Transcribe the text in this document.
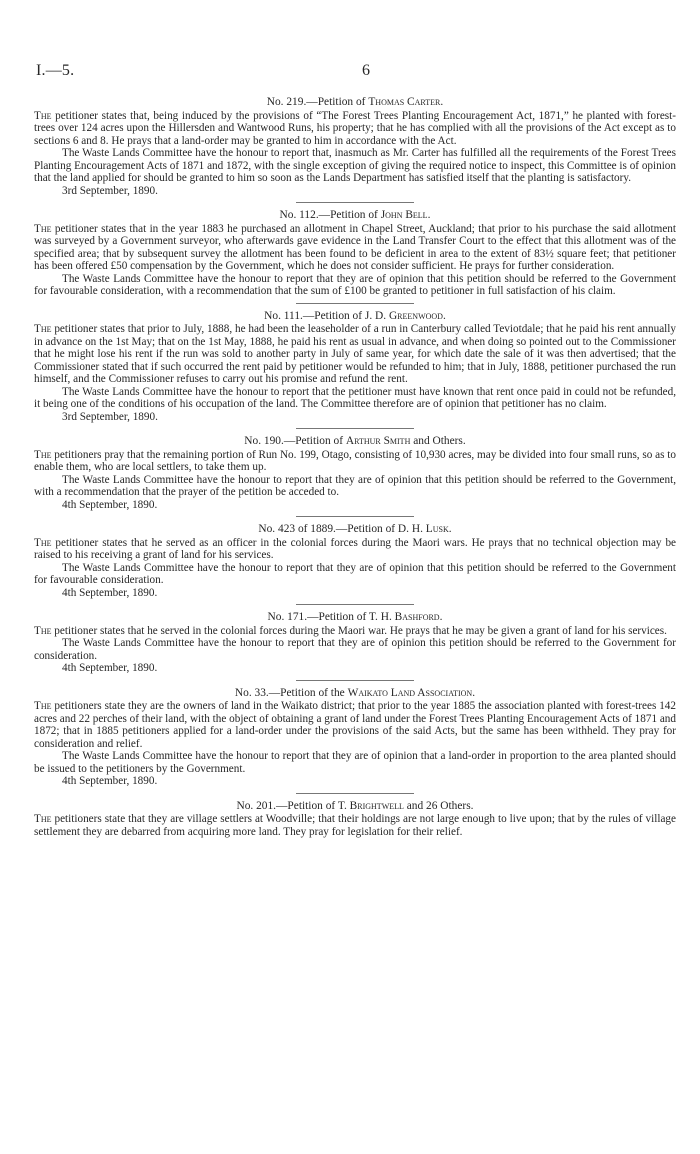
I.—5.	6

No. 219.—Petition of Thomas Carter.

The petitioner states that, being induced by the provisions of “The Forest Trees Planting Encouragement Act, 1871,” he planted with forest-trees over 124 acres upon the Hillersden and Wantwood Runs, his property; that he has complied with all the provisions of the Act except as to sections 6 and 8. He prays that a land-order may be granted to him in accordance with the Act.

The Waste Lands Committee have the honour to report that, inasmuch as Mr. Carter has fulfilled all the requirements of the Forest Trees Planting Encouragement Acts of 1871 and 1872, with the single exception of giving the required notice to inspect, this Committee is of opinion that the land applied for should be granted to him so soon as the Lands Department has satisfied itself that the planting is satisfactory.

3rd September, 1890.

No. 112.—Petition of John Bell.

The petitioner states that in the year 1883 he purchased an allotment in Chapel Street, Auckland; that prior to his purchase the said allotment was surveyed by a Government surveyor, who afterwards gave evidence in the Land Transfer Court to the effect that this allotment was of the specified area; that by subsequent survey the allotment has been found to be deficient in area to the extent of 83½ square feet; that petitioner has been offered £50 compensation by the Government, which he does not consider sufficient. He prays for further consideration.

The Waste Lands Committee have the honour to report that they are of opinion that this petition should be referred to the Government for favourable consideration, with a recommendation that the sum of £100 be granted to petitioner in full satisfaction of his claim.

No. 111.—Petition of J. D. Greenwood.

The petitioner states that prior to July, 1888, he had been the leaseholder of a run in Canterbury called Teviotdale; that he paid his rent annually in advance on the 1st May; that on the 1st May, 1888, he paid his rent as usual in advance, and when doing so pointed out to the Commissioner that he might lose his rent if the run was sold to another party in July of same year, for which date the sale of it was then advertised; that the Commissioner stated that if such occurred the rent paid by petitioner would be refunded to him; that in July, 1888, petitioner purchased the run himself, and the Commissioner refuses to carry out his promise and refund the rent.

The Waste Lands Committee have the honour to report that the petitioner must have known that rent once paid in could not be refunded, it being one of the conditions of his occupation of the land. The Committee therefore are of opinion that petitioner has no claim.

3rd September, 1890.

No. 190.—Petition of Arthur Smith and Others.

The petitioners pray that the remaining portion of Run No. 199, Otago, consisting of 10,930 acres, may be divided into four small runs, so as to enable them, who are local settlers, to take them up.

The Waste Lands Committee have the honour to report that they are of opinion that this petition should be referred to the Government, with a recommendation that the prayer of the petition be acceded to.

4th September, 1890.

No. 423 of 1889.—Petition of D. H. Lusk.

The petitioner states that he served as an officer in the colonial forces during the Maori wars. He prays that no technical objection may be raised to his receiving a grant of land for his services.

The Waste Lands Committee have the honour to report that they are of opinion that this petition should be referred to the Government for favourable consideration.

4th September, 1890.

No. 171.—Petition of T. H. Bashford.

The petitioner states that he served in the colonial forces during the Maori war. He prays that he may be given a grant of land for his services.

The Waste Lands Committee have the honour to report that they are of opinion this petition should be referred to the Government for consideration.

4th September, 1890.

No. 33.—Petition of the Waikato Land Association.

The petitioners state they are the owners of land in the Waikato district; that prior to the year 1885 the association planted with forest-trees 142 acres and 22 perches of their land, with the object of obtaining a grant of land under the Forest Trees Planting Encouragement Acts of 1871 and 1872; that in 1885 petitioners applied for a land-order under the provisions of the said Acts, but the same has been withheld. They pray for consideration and relief.

The Waste Lands Committee have the honour to report that they are of opinion that a land-order in proportion to the area planted should be issued to the petitioners by the Government.

4th September, 1890.

No. 201.—Petition of T. Brightwell and 26 Others.

The petitioners state that they are village settlers at Woodville; that their holdings are not large enough to live upon; that by the rules of village settlement they are debarred from acquiring more land. They pray for legislation for their relief.
